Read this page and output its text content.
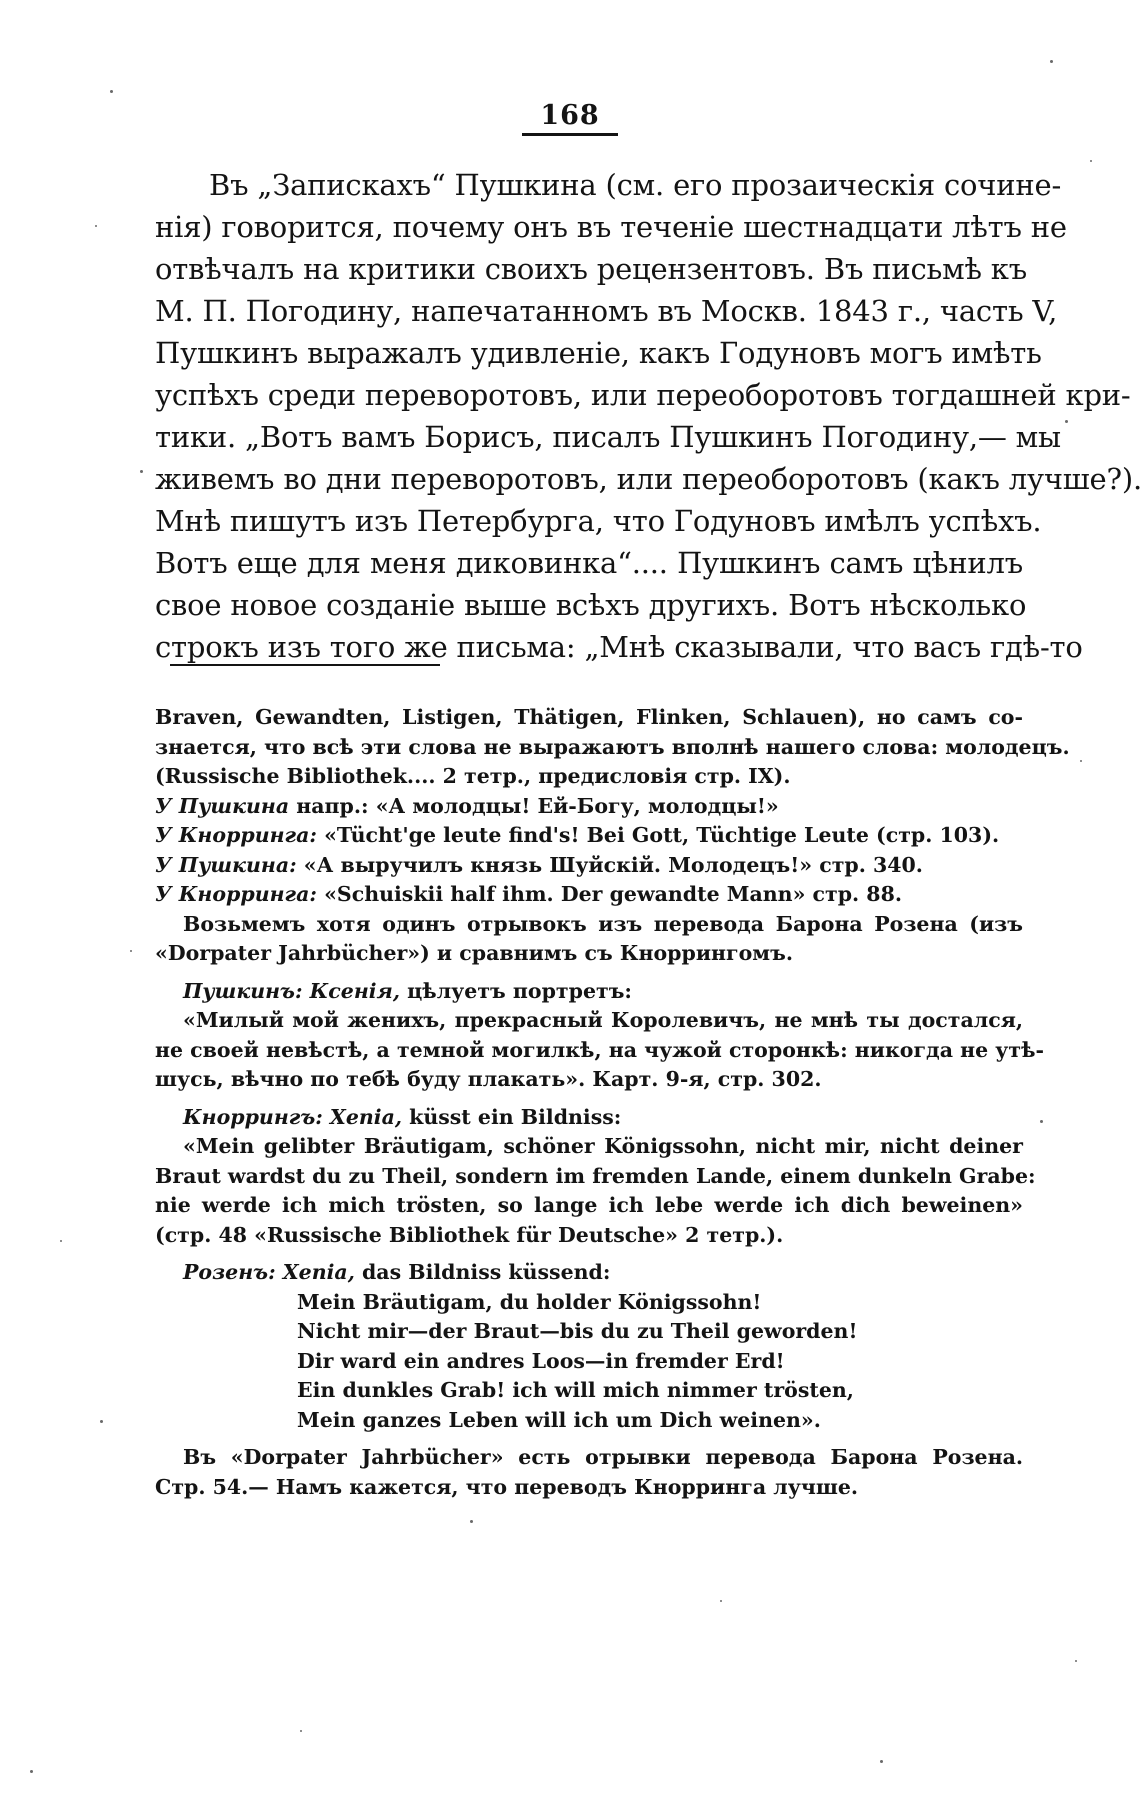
168
Въ „Запискахъ“ Пушкина (см. его прозаическія сочине-
нія) говорится, почему онъ въ теченіе шестнадцати лѣтъ не
отвѣчалъ на критики своихъ рецензентовъ. Въ письмѣ къ
М. П. Погодину, напечатанномъ въ Москв. 1843 г., часть V,
Пушкинъ выражалъ удивленіе, какъ Годуновъ могъ имѣть
успѣхъ среди переворотовъ, или переоборотовъ тогдашней кри-
тики. „Вотъ вамъ Борисъ, писалъ Пушкинъ Погодину,— мы
живемъ во дни переворотовъ, или переоборотовъ (какъ лучше?).
Мнѣ пишутъ изъ Петербурга, что Годуновъ имѣлъ успѣхъ.
Вотъ еще для меня диковинка“.... Пушкинъ самъ цѣнилъ
свое новое созданіе выше всѣхъ другихъ. Вотъ нѣсколько
строкъ изъ того же письма: „Мнѣ сказывали, что васъ гдѣ-то
Braven, Gewandten, Listigen, Thätigen, Flinken, Schlauen), но самъ со-
знается, что всѣ эти слова не выражаютъ вполнѣ нашего слова: молодецъ.
(Russische Bibliothek.... 2 тетр., предисловія стр. IX).
У Пушкина напр.: «А молодцы! Ей-Богу, молодцы!»
У Кнорринга: «Tücht'ge leute find's! Bei Gott, Tüchtige Leute (стр. 103).
У Пушкина: «А выручилъ князь Шуйскій. Молодецъ!» стр. 340.
У Кнорринга: «Schuiskii half ihm. Der gewandte Mann» стр. 88.
Возьмемъ хотя одинъ отрывокъ изъ перевода Барона Розена (изъ
«Dorpater Jahrbücher») и сравнимъ съ Кноррингомъ.
Пушкинъ: Ксенія, цѣлуетъ портретъ:
«Милый мой женихъ, прекрасный Королевичъ, не мнѣ ты достался,
не своей невѣстѣ, а темной могилкѣ, на чужой сторонкѣ: никогда не утѣ-
шусь, вѣчно по тебѣ буду плакать». Карт. 9-я, стр. 302.
Кноррингъ: Xenia, küsst ein Bildniss:
«Mein gelibter Bräutigam, schöner Königssohn, nicht mir, nicht deiner
Braut wardst du zu Theil, sondern im fremden Lande, einem dunkeln Grabe:
nie werde ich mich trösten, so lange ich lebe werde ich dich beweinen»
(стр. 48 «Russische Bibliothek für Deutsche» 2 тетр.).
Розенъ: Xenia, das Bildniss küssend:
Mein Bräutigam, du holder Königssohn!
Nicht mir—der Braut—bis du zu Theil geworden!
Dir ward ein andres Loos—in fremder Erd!
Ein dunkles Grab! ich will mich nimmer trösten,
Mein ganzes Leben will ich um Dich weinen».
Въ «Dorpater Jahrbücher» есть отрывки перевода Барона Розена.
Стр. 54.— Намъ кажется, что переводъ Кнорринга лучше.
